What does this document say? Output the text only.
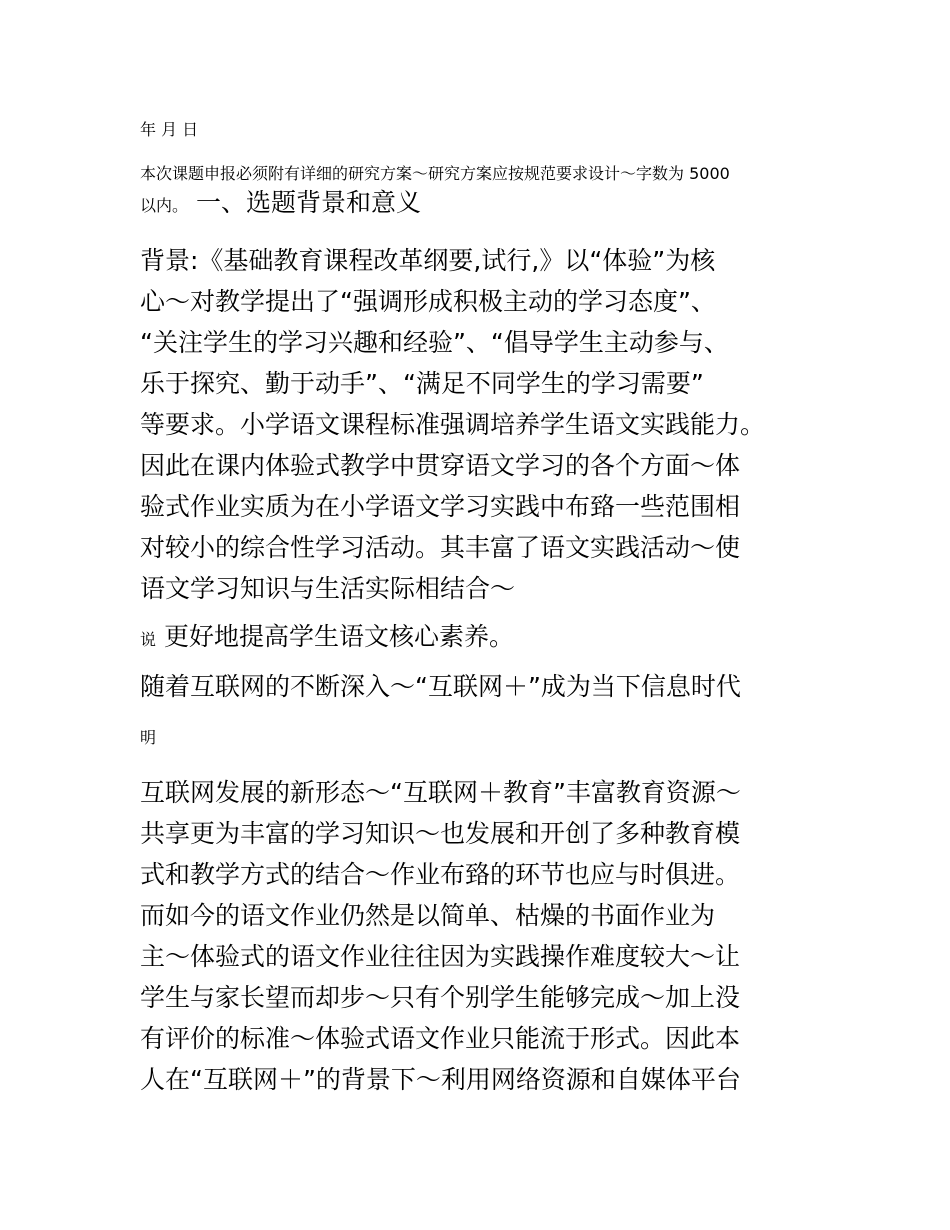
年 月 日
本次课题申报必须附有详细的研究方案～研究方案应按规范要求设计～字数为 5000
以内。 一、选题背景和意义
背景:《基础教育课程改革纲要,试行,》以“体验”为核
心～对教学提出了“强调形成积极主动的学习态度”、
“关注学生的学习兴趣和经验”、“倡导学生主动参与、
乐于探究、勤于动手”、“满足不同学生的学习需要”
等要求。小学语文课程标准强调培养学生语文实践能力。
因此在课内体验式教学中贯穿语文学习的各个方面～体
验式作业实质为在小学语文学习实践中布臵一些范围相
对较小的综合性学习活动。其丰富了语文实践活动～使
语文学习知识与生活实际相结合～
说 更好地提高学生语文核心素养。
随着互联网的不断深入～“互联网＋”成为当下信息时代
明
互联网发展的新形态～“互联网＋教育”丰富教育资源～
共享更为丰富的学习知识～也发展和开创了多种教育模
式和教学方式的结合～作业布臵的环节也应与时俱进。
而如今的语文作业仍然是以简单、枯燥的书面作业为
主～体验式的语文作业往往因为实践操作难度较大～让
学生与家长望而却步～只有个别学生能够完成～加上没
有评价的标准～体验式语文作业只能流于形式。因此本
人在“互联网＋”的背景下～利用网络资源和自媒体平台
